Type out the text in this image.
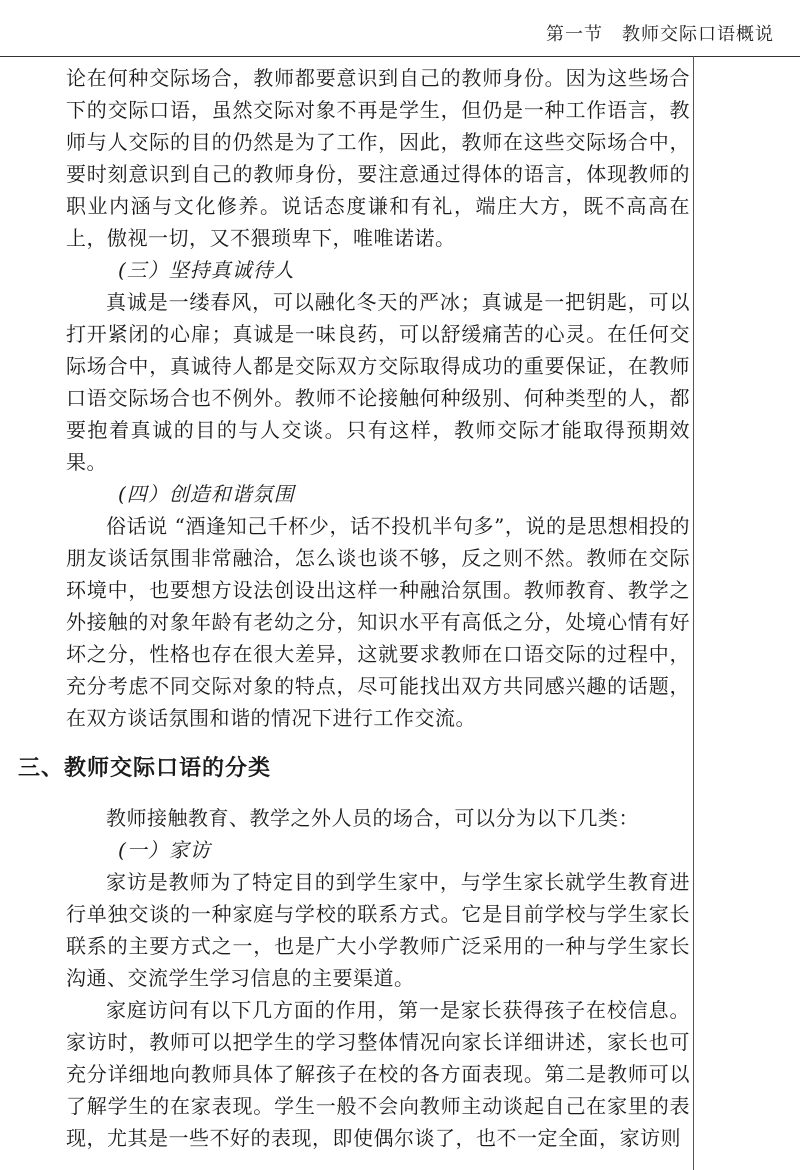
第一节　教师交际口语概说

论在何种交际场合，教师都要意识到自己的教师身份。因为这些场合下的交际口语，虽然交际对象不再是学生，但仍是一种工作语言，教师与人交际的目的仍然是为了工作，因此，教师在这些交际场合中，要时刻意识到自己的教师身份，要注意通过得体的语言，体现教师的职业内涵与文化修养。说话态度谦和有礼，端庄大方，既不高高在上，傲视一切，又不猥琐卑下，唯唯诺诺。

(三）坚持真诚待人

真诚是一缕春风，可以融化冬天的严冰；真诚是一把钥匙，可以打开紧闭的心扉；真诚是一味良药，可以舒缓痛苦的心灵。在任何交际场合中，真诚待人都是交际双方交际取得成功的重要保证，在教师口语交际场合也不例外。教师不论接触何种级别、何种类型的人，都要抱着真诚的目的与人交谈。只有这样，教师交际才能取得预期效果。

(四）创造和谐氛围

俗话说 “酒逢知己千杯少，话不投机半句多”，说的是思想相投的朋友谈话氛围非常融洽，怎么谈也谈不够，反之则不然。教师在交际环境中，也要想方设法创设出这样一种融洽氛围。教师教育、教学之外接触的对象年龄有老幼之分，知识水平有高低之分，处境心情有好坏之分，性格也存在很大差异，这就要求教师在口语交际的过程中，充分考虑不同交际对象的特点，尽可能找出双方共同感兴趣的话题，在双方谈话氛围和谐的情况下进行工作交流。

三、教师交际口语的分类

教师接触教育、教学之外人员的场合，可以分为以下几类：

(一）家访

家访是教师为了特定目的到学生家中，与学生家长就学生教育进行单独交谈的一种家庭与学校的联系方式。它是目前学校与学生家长联系的主要方式之一，也是广大小学教师广泛采用的一种与学生家长沟通、交流学生学习信息的主要渠道。

家庭访问有以下几方面的作用，第一是家长获得孩子在校信息。家访时，教师可以把学生的学习整体情况向家长详细讲述，家长也可充分详细地向教师具体了解孩子在校的各方面表现。第二是教师可以了解学生的在家表现。学生一般不会向教师主动谈起自己在家里的表现，尤其是一些不好的表现，即使偶尔谈了，也不一定全面，家访则
